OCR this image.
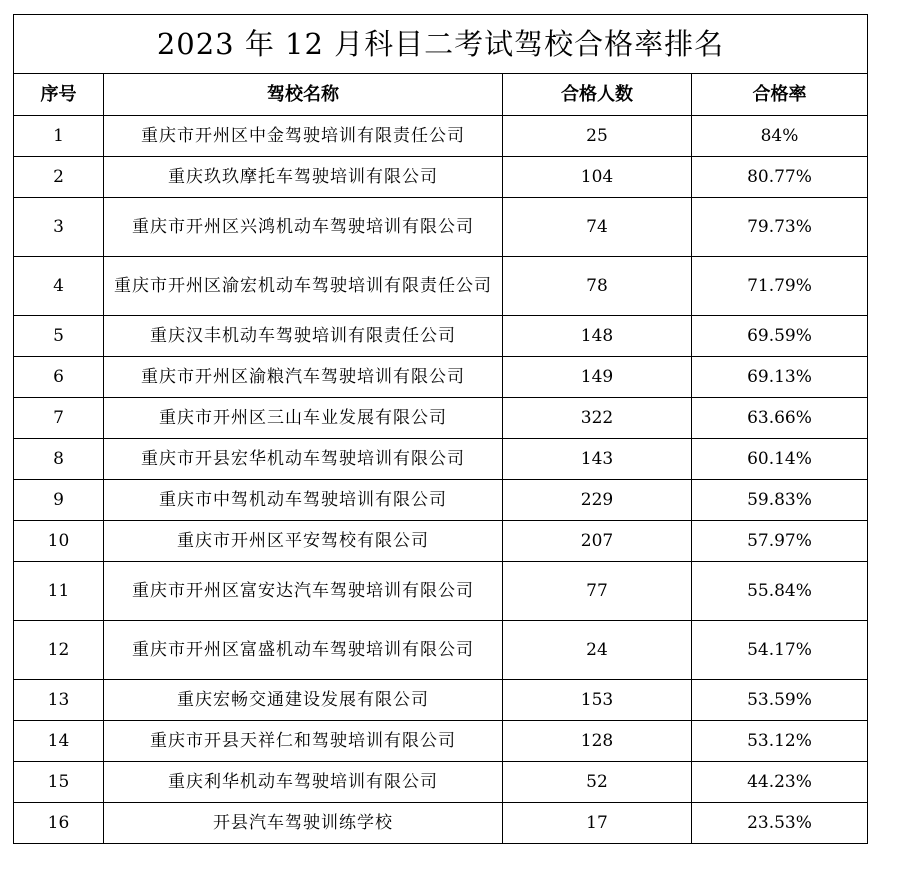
2023 年 12 月科目二考试驾校合格率排名			
序号	驾校名称	合格人数	合格率
1	重庆市开州区中金驾驶培训有限责任公司	25	84%
2	重庆玖玖摩托车驾驶培训有限公司	104	80.77%
3	重庆市开州区兴鸿机动车驾驶培训有限公司	74	79.73%
4	重庆市开州区渝宏机动车驾驶培训有限责任公司	78	71.79%
5	重庆汉丰机动车驾驶培训有限责任公司	148	69.59%
6	重庆市开州区渝粮汽车驾驶培训有限公司	149	69.13%
7	重庆市开州区三山车业发展有限公司	322	63.66%
8	重庆市开县宏华机动车驾驶培训有限公司	143	60.14%
9	重庆市中驾机动车驾驶培训有限公司	229	59.83%
10	重庆市开州区平安驾校有限公司	207	57.97%
11	重庆市开州区富安达汽车驾驶培训有限公司	77	55.84%
12	重庆市开州区富盛机动车驾驶培训有限公司	24	54.17%
13	重庆宏畅交通建设发展有限公司	153	53.59%
14	重庆市开县天祥仁和驾驶培训有限公司	128	53.12%
15	重庆利华机动车驾驶培训有限公司	52	44.23%
16	开县汽车驾驶训练学校	17	23.53%
